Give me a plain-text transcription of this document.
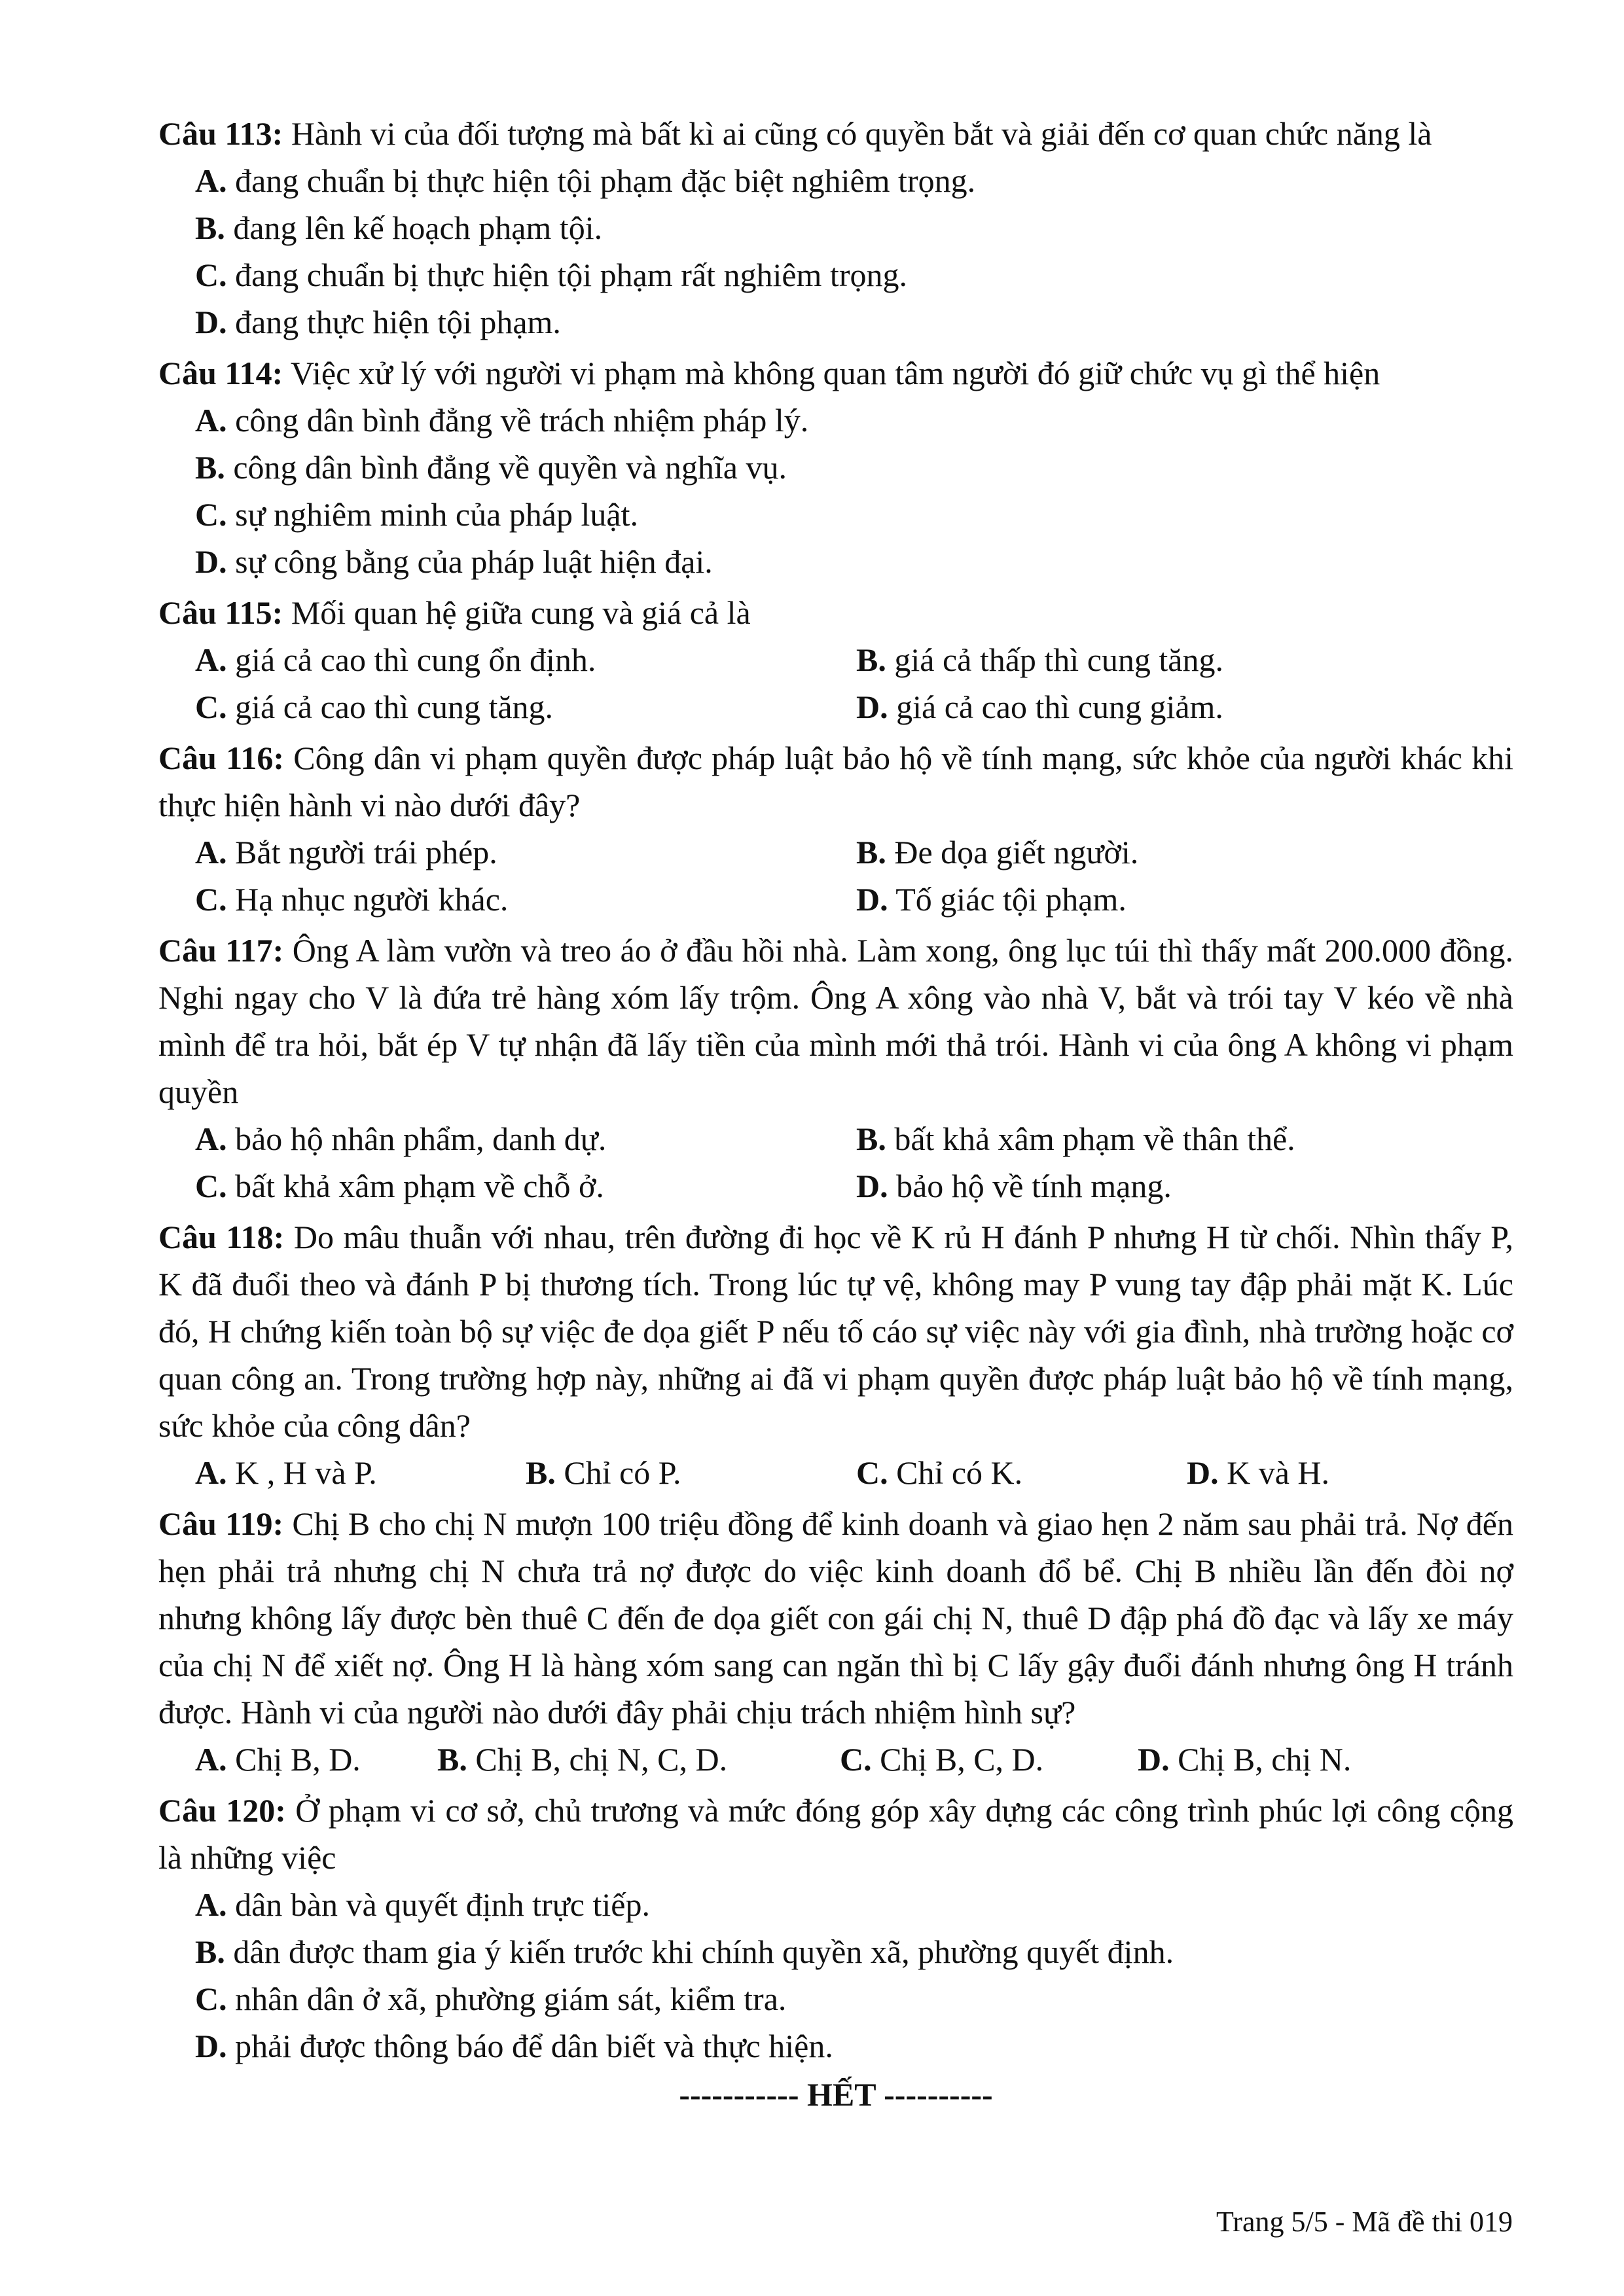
Câu 113: Hành vi của đối tượng mà bất kì ai cũng có quyền bắt và giải đến cơ quan chức năng là
A. đang chuẩn bị thực hiện tội phạm đặc biệt nghiêm trọng.
B. đang lên kế hoạch phạm tội.
C. đang chuẩn bị thực hiện tội phạm rất nghiêm trọng.
D. đang thực hiện tội phạm.
Câu 114: Việc xử lý với người vi phạm mà không quan tâm người đó giữ chức vụ gì thể hiện
A. công dân bình đẳng về trách nhiệm pháp lý.
B. công dân bình đẳng về quyền và nghĩa vụ.
C. sự nghiêm minh của pháp luật.
D. sự công bằng của pháp luật hiện đại.
Câu 115: Mối quan hệ giữa cung và giá cả là
A. giá cả cao thì cung ổn định.	B. giá cả thấp thì cung tăng.
C. giá cả cao thì cung tăng.	D. giá cả cao thì cung giảm.
Câu 116: Công dân vi phạm quyền được pháp luật bảo hộ về tính mạng, sức khỏe của người khác khi thực hiện hành vi nào dưới đây?
A. Bắt người trái phép.	B. Đe dọa giết người.
C. Hạ nhục người khác.	D. Tố giác tội phạm.
Câu 117: Ông A làm vườn và treo áo ở đầu hồi nhà. Làm xong, ông lục túi thì thấy mất 200.000 đồng. Nghi ngay cho V là đứa trẻ hàng xóm lấy trộm. Ông A xông vào nhà V, bắt và trói tay V kéo về nhà mình để tra hỏi, bắt ép V tự nhận đã lấy tiền của mình mới thả trói. Hành vi của ông A không vi phạm quyền
A. bảo hộ nhân phẩm, danh dự.	B. bất khả xâm phạm về thân thể.
C. bất khả xâm phạm về chỗ ở.	D. bảo hộ về tính mạng.
Câu 118: Do mâu thuẫn với nhau, trên đường đi học về K rủ H đánh P nhưng H từ chối. Nhìn thấy P, K đã đuổi theo và đánh P bị thương tích. Trong lúc tự vệ, không may P vung tay đập phải mặt K. Lúc đó, H chứng kiến toàn bộ sự việc đe dọa giết P nếu tố cáo sự việc này với gia đình, nhà trường hoặc cơ quan công an. Trong trường hợp này, những ai đã vi phạm quyền được pháp luật bảo hộ về tính mạng, sức khỏe của công dân?
A. K , H và P.	B. Chỉ có P.	C. Chỉ có K.	D. K và H.
Câu 119: Chị B cho chị N mượn 100 triệu đồng để kinh doanh và giao hẹn 2 năm sau phải trả. Nợ đến hẹn phải trả nhưng chị N chưa trả nợ được do việc kinh doanh đổ bể. Chị B nhiều lần đến đòi nợ nhưng không lấy được bèn thuê C đến đe dọa giết con gái chị N, thuê D đập phá đồ đạc và lấy xe máy của chị N để xiết nợ. Ông H là hàng xóm sang can ngăn thì bị C lấy gậy đuổi đánh nhưng ông H tránh được. Hành vi của người nào dưới đây phải chịu trách nhiệm hình sự?
A. Chị B, D.	B. Chị B, chị N, C, D.	C. Chị B, C, D.	D. Chị B, chị N.
Câu 120: Ở phạm vi cơ sở, chủ trương và mức đóng góp xây dựng các công trình phúc lợi công cộng là những việc
A. dân bàn và quyết định trực tiếp.
B. dân được tham gia ý kiến trước khi chính quyền xã, phường quyết định.
C. nhân dân ở xã, phường giám sát, kiểm tra.
D. phải được thông báo để dân biết và thực hiện.
----------- HẾT ----------
Trang 5/5 - Mã đề thi 019
